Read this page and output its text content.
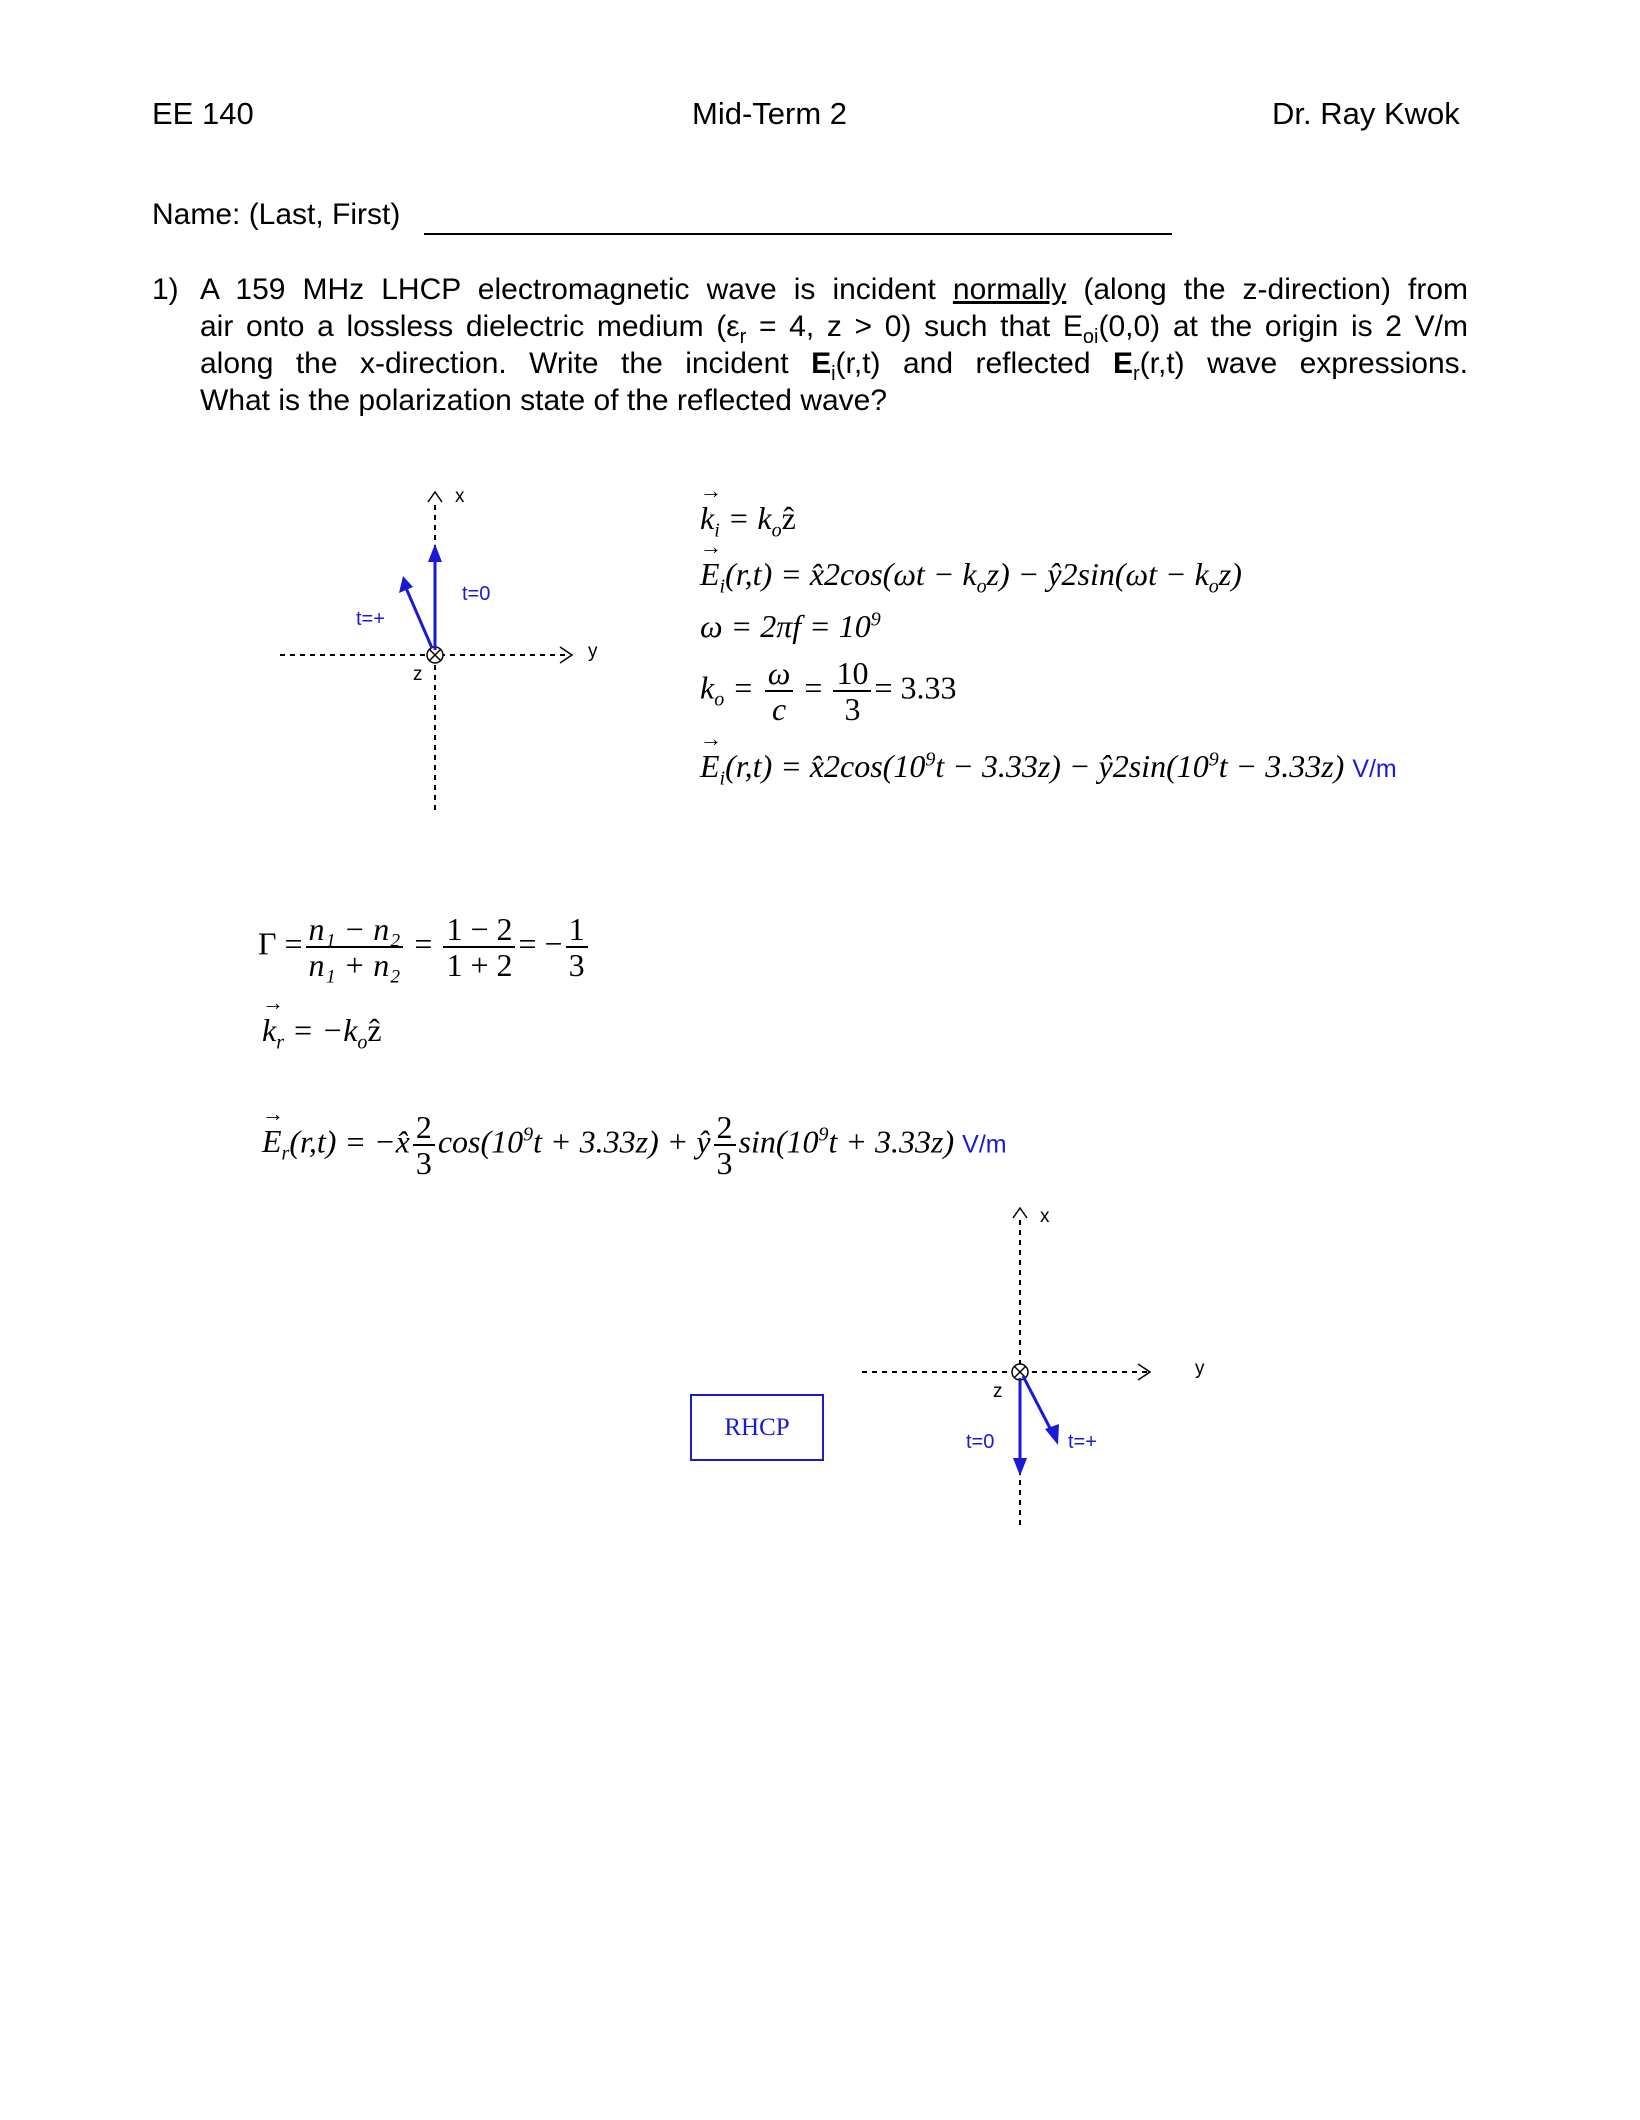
EE 140	Mid-Term 2	Dr. Ray Kwok
Name: (Last, First)
1) A 159 MHz LHCP electromagnetic wave is incident normally (along the z-direction) from
air onto a lossless dielectric medium ($\varepsilon_r = 4$, z > 0) such that $E_{oi}(0,0)$ at the origin is 2 V/m
along the x-direction. Write the incident $E_i(r,t)$ and reflected $E_r(r,t)$ wave expressions.
What is the polarization state of the reflected wave?
x
y
z
t=0
t=+
→ $k_i$ = $k_oẑ$
→ $E_i(r,t)$ = x̂2cos(ωt − $k_oz$) − ŷ2sin(ωt − $k_oz$)
$\omega = 2\pi f = 10^9$
$k_o = \frac{\omega}{c} = \frac{10}{3} = 3.33$
→ $E_i(r,t)$ = $x̂2\cos(10^9t - 3.33z)$ − $ŷ2\sin(10^9t - 3.33z)$ V/m
$\Gamma = \frac{\text{n₁ − n₂}}{\text{n₁ + n₂}} = \frac{1 - 2}{1 + 2}$ = − $\frac{1}{3}$
→ $k_r$ = $-k_oẑ$
→ $E_r(r,t)$ = −x̂ $\frac{2}{3} \cos(10^9t + 3.33z)$ + ŷ $\frac{2}{3} \sin(10^9t + 3.33z)$ V/m
RHCP
x
y
z
t=0	t=+
